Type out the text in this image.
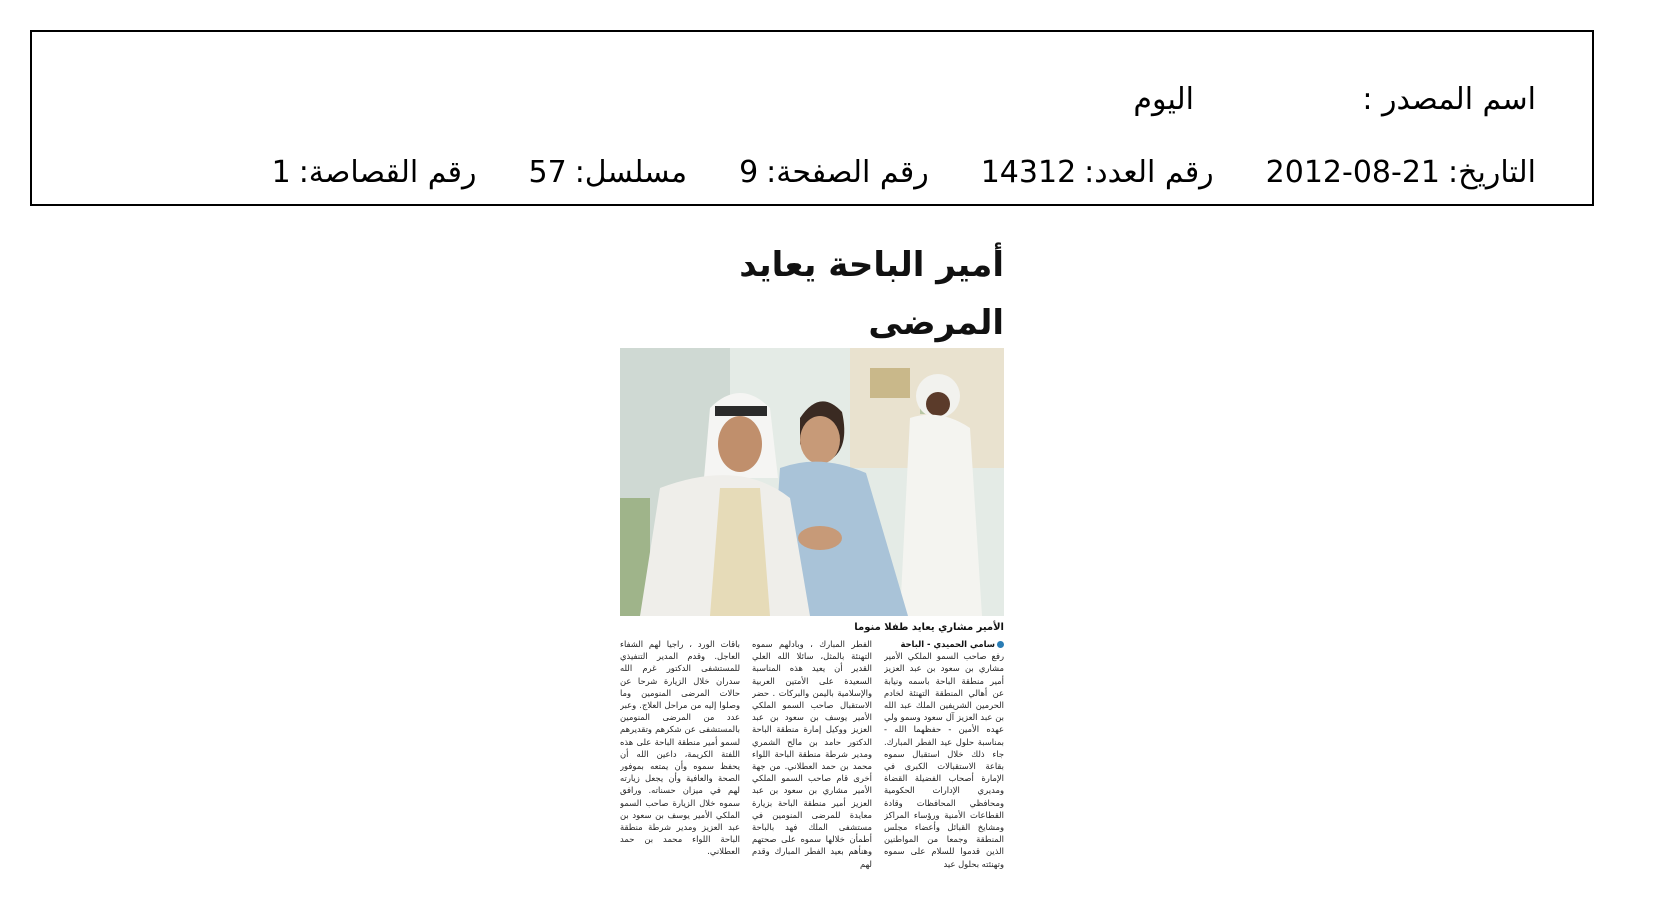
اسم المصدر :
اليوم
التاريخ:
2012-08-21
رقم العدد:
14312
رقم الصفحة:
9
مسلسل:
57
رقم القصاصة:
1
أمير الباحة يعايد المرضى
الأمير مشاري يعايد طفلا منوما
سامي الحميدي - الباحة
رفع صاحب السمو الملكي الأمير مشاري بن سعود بن عبد العزيز أمير منطقة الباحة باسمه ونيابة عن أهالي المنطقة التهنئة لخادم الحرمين الشريفين الملك عبد الله بن عبد العزيز آل سعود وسمو ولي عهده الأمين - حفظهما الله - بمناسبة حلول عيد الفطر المبارك. جاء ذلك خلال استقبال سموه بقاعة الاستقبالات الكبرى في الإمارة أصحاب الفضيلة القضاة ومديري الإدارات الحكومية ومحافظي المحافظات وقادة القطاعات الأمنية ورؤساء المراكز ومشايخ القبائل وأعضاء مجلس المنطقة وجمعا من المواطنين الذين قدموا للسلام على سموه وتهنئته بحلول عيد
الفطر المبارك ، وبادلهم سموه التهنئة بالمثل، سائلا الله العلي القدير أن يعيد هذه المناسبة السعيدة على الأمتين العربية والإسلامية باليمن والبركات . حضر الاستقبال صاحب السمو الملكي الأمير يوسف بن سعود بن عبد العزيز ووكيل إمارة منطقة الباحة الدكتور حامد بن مالح الشمري ومدير شرطة منطقة الباحة اللواء محمد بن حمد العطلاني. من جهة أخرى قام صاحب السمو الملكي الأمير مشاري بن سعود بن عبد العزيز أمير منطقة الباحة بزيارة معايدة للمرضى المنومين في مستشفى الملك فهد بالباحة أطمأن خلالها سموه على صحتهم وهنأهم بعيد الفطر المبارك وقدم لهم
باقات الورد ، راجيا لهم الشفاء العاجل. وقدم المدير التنفيذي للمستشفى الدكتور غرم الله سدران خلال الزيارة شرحا عن حالات المرضى المنومين وما وصلوا إليه من مراحل العلاج. وعبر عدد من المرضى المنومين بالمستشفى عن شكرهم وتقديرهم لسمو أمير منطقة الباحة على هذه اللفتة الكريمة، داعين الله أن يحفظ سموه وأن يمتعه بموفور الصحة والعافية وأن يجعل زيارته لهم في ميزان حسناته. ورافق سموه خلال الزيارة صاحب السمو الملكي الأمير يوسف بن سعود بن عبد العزيز ومدير شرطة منطقة الباحة اللواء محمد بن حمد العطلاني.
